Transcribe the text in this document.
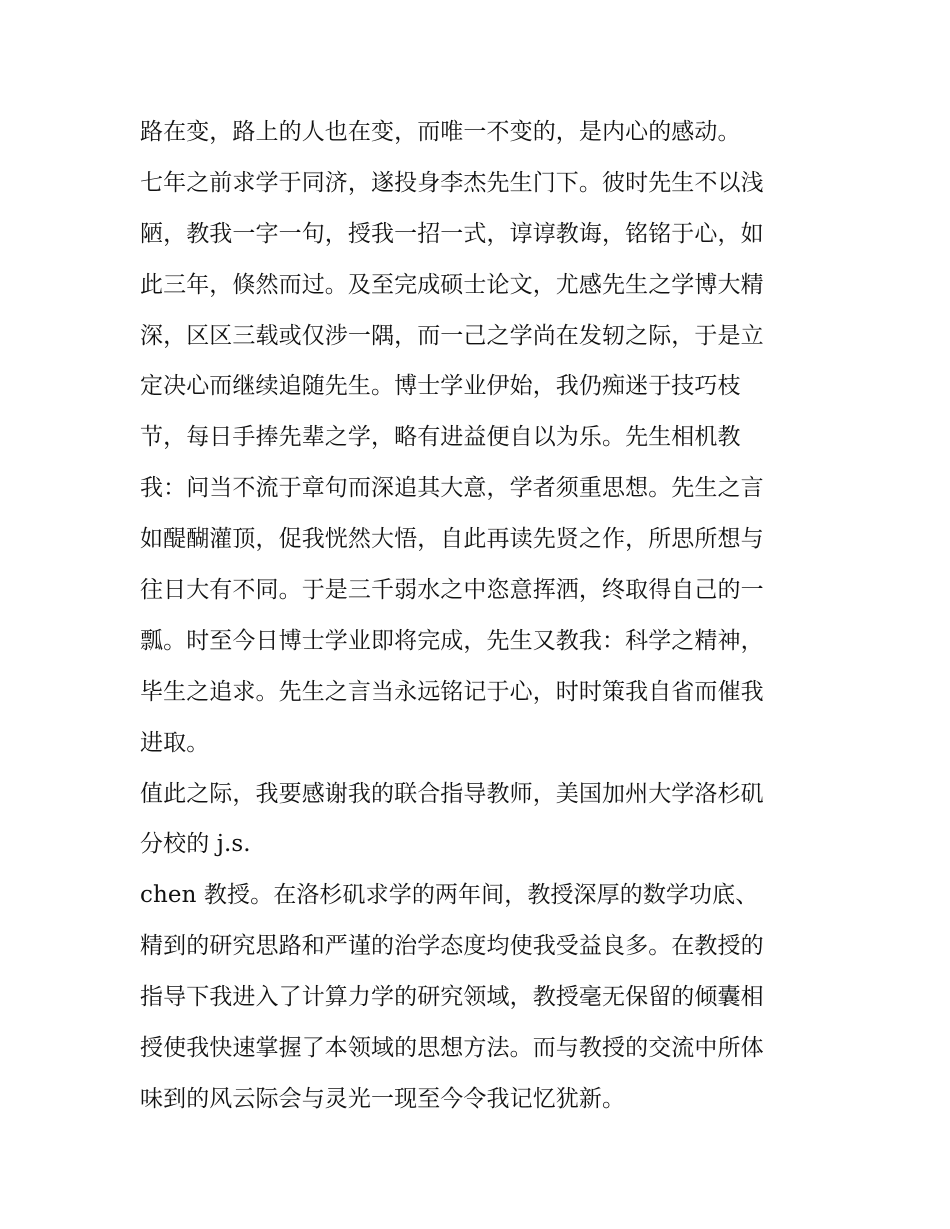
路在变，路上的人也在变，而唯一不变的，是内心的感动。
七年之前求学于同济，遂投身李杰先生门下。彼时先生不以浅
陋，教我一字一句，授我一招一式，谆谆教诲，铭铭于心，如
此三年，倏然而过。及至完成硕士论文，尤感先生之学博大精
深，区区三载或仅涉一隅，而一己之学尚在发轫之际，于是立
定决心而继续追随先生。博士学业伊始，我仍痴迷于技巧枝
节，每日手捧先辈之学，略有进益便自以为乐。先生相机教
我：问当不流于章句而深追其大意，学者须重思想。先生之言
如醍醐灌顶，促我恍然大悟，自此再读先贤之作，所思所想与
往日大有不同。于是三千弱水之中恣意挥洒，终取得自己的一
瓢。时至今日博士学业即将完成，先生又教我：科学之精神，
毕生之追求。先生之言当永远铭记于心，时时策我自省而催我
进取。
值此之际，我要感谢我的联合指导教师，美国加州大学洛杉矶
分校的 j.s.
chen 教授。在洛杉矶求学的两年间，教授深厚的数学功底、
精到的研究思路和严谨的治学态度均使我受益良多。在教授的
指导下我进入了计算力学的研究领域，教授毫无保留的倾囊相
授使我快速掌握了本领域的思想方法。而与教授的交流中所体
味到的风云际会与灵光一现至今令我记忆犹新。
